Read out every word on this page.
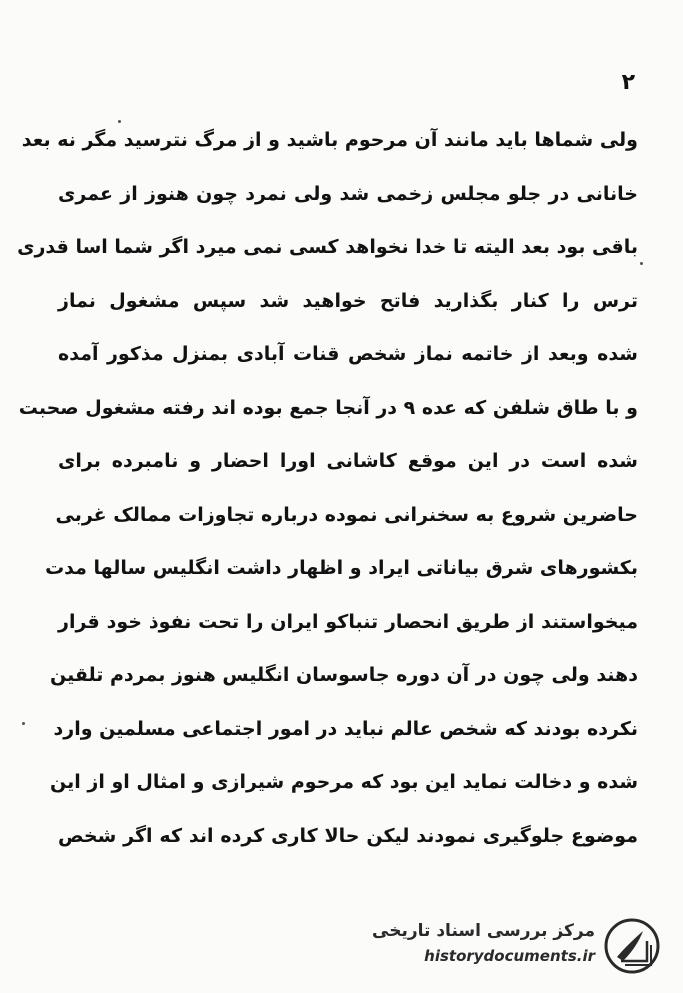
۲
ولی شماها باید مانند آن مرحوم باشید و از مرگ نترسید مگر نه بعد
خانانی در جلو مجلس زخمی شد ولی نمرد چون هنوز از عمری
باقی بود بعد الیته تا خدا نخواهد کسی نمی میرد اگر شما اسا قدری
ترس را کنار بگذارید فاتح خواهید شد سپس مشغول نماز
شده وبعد از خاتمه نماز شخص قنات آبادی بمنزل مذکور آمده
و با طاق شلفن که عده ۹ در آنجا جمع بوده اند رفته مشغول صحبت
شده است در این موقع کاشانی اورا احضار و نامبرده برای
حاضرین شروع به سخنرانی نموده درباره تجاوزات ممالک غربی
بکشورهای شرق بیاناتی ایراد و اظهار داشت انگلیس سالها مدت
میخواستند از طریق انحصار تنباکو ایران را تحت نفوذ خود قرار
دهند ولی چون در آن دوره جاسوسان انگلیس هنوز بمردم تلقین
نکرده بودند که شخص عالم نباید در امور اجتماعی مسلمین وارد
شده و دخالت نماید این بود که مرحوم شیرازی و امثال او از این
موضوع جلوگیری نمودند لیکن حالا کاری کرده اند که اگر شخص
مرکز بررسی اسناد تاریخی
historydocuments.ir
